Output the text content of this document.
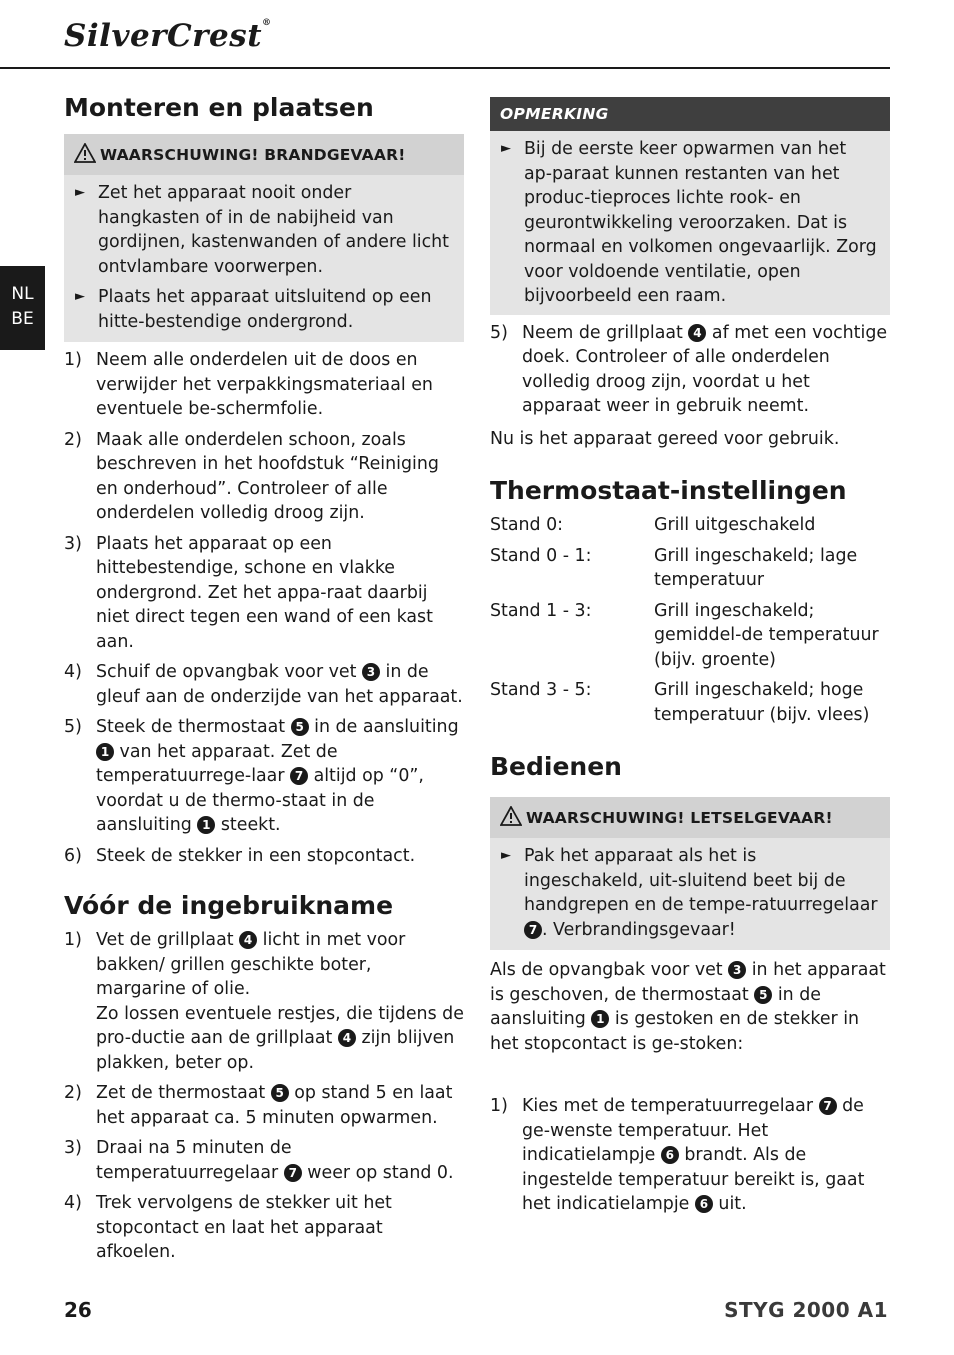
SilverCrest®
NL
BE
Monteren en plaatsen
WAARSCHUWING! BRANDGEVAAR!
► Zet het apparaat nooit onder hangkasten of in de nabijheid van gordijnen, kastenwanden of andere licht ontvlambare voorwerpen.
► Plaats het apparaat uitsluitend op een hitte-bestendige ondergrond.
1) Neem alle onderdelen uit de doos en verwijder het verpakkingsmateriaal en eventuele be-schermfolie.
2) Maak alle onderdelen schoon, zoals beschreven in het hoofdstuk “Reiniging en onderhoud”. Controleer of alle onderdelen volledig droog zijn.
3) Plaats het apparaat op een hittebestendige, schone en vlakke ondergrond. Zet het appa-raat daarbij niet direct tegen een wand of een kast aan.
4) Schuif de opvangbak voor vet 3 in de gleuf aan de onderzijde van het apparaat.
5) Steek de thermostaat 5 in de aansluiting 1 van het apparaat. Zet de temperatuurrege-laar 7 altijd op “0”, voordat u de thermo-staat in de aansluiting 1 steekt.
6) Steek de stekker in een stopcontact.
Vóór de ingebruikname
1) Vet de grillplaat 4 licht in met voor bakken/ grillen geschikte boter, margarine of olie.
Zo lossen eventuele restjes, die tijdens de pro-ductie aan de grillplaat 4 zijn blijven plakken, beter op.
2) Zet de thermostaat 5 op stand 5 en laat het apparaat ca. 5 minuten opwarmen.
3) Draai na 5 minuten de temperatuurregelaar 7 weer op stand 0.
4) Trek vervolgens de stekker uit het stopcontact en laat het apparaat afkoelen.
OPMERKING
► Bij de eerste keer opwarmen van het ap-paraat kunnen restanten van het produc-tieproces lichte rook- en geurontwikkeling veroorzaken. Dat is normaal en volkomen ongevaarlijk. Zorg voor voldoende ventilatie, open bijvoorbeeld een raam.
5) Neem de grillplaat 4 af met een vochtige doek. Controleer of alle onderdelen volledig droog zijn, voordat u het apparaat weer in gebruik neemt.
Nu is het apparaat gereed voor gebruik.
Thermostaat-instellingen
Stand 0:	Grill uitgeschakeld
Stand 0 - 1:	Grill ingeschakeld; lage temperatuur
Stand 1 - 3:	Grill ingeschakeld; gemiddel-de temperatuur (bijv. groente)
Stand 3 - 5:	Grill ingeschakeld; hoge temperatuur (bijv. vlees)
Bedienen
WAARSCHUWING! LETSELGEVAAR!
► Pak het apparaat als het is ingeschakeld, uit-sluitend beet bij de handgrepen en de tempe-ratuurregelaar 7 . Verbrandingsgevaar!
Als de opvangbak voor vet 3 in het apparaat is geschoven, de thermostaat 5 in de aansluiting 1 is gestoken en de stekker in het stopcontact is ge-stoken:
1) Kies met de temperatuurregelaar 7 de ge-wenste temperatuur. Het indicatielampje 6 brandt. Als de ingestelde temperatuur bereikt is, gaat het indicatielampje 6 uit.
26	STYG 2000 A1
